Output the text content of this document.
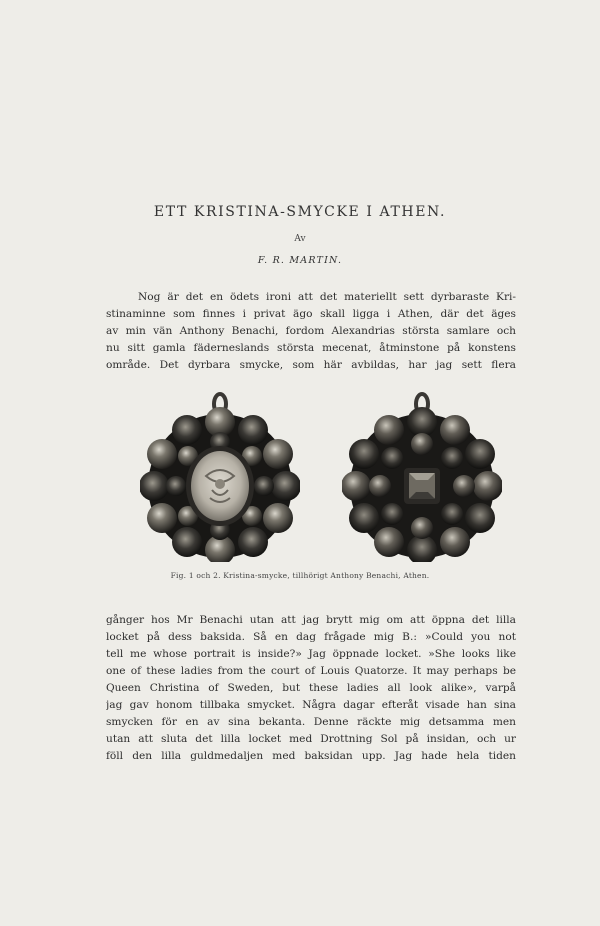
ETT KRISTINA-SMYCKE I ATHEN.
Av
F. R. MARTIN.
Nog är det en ödets ironi att det materiellt sett dyrbaraste Kri-
stinaminne som finnes i privat ägo skall ligga i Athen, där det äges
av min vän Anthony Benachi, fordom Alexandrias största samlare och
nu sitt gamla fäderneslands största mecenat, åtminstone på konstens
område. Det dyrbara smycke, som här avbildas, har jag sett flera
Fig. 1 och 2. Kristina-smycke, tillhörigt Anthony Benachi, Athen.
gånger hos Mr Benachi utan att jag brytt mig om att öppna det lilla
locket på dess baksida. Så en dag frågade mig B.: »Could you not
tell me whose portrait is inside?» Jag öppnade locket. »She looks like
one of these ladies from the court of Louis Quatorze. It may perhaps be
Queen Christina of Sweden, but these ladies all look alike», varpå
jag gav honom tillbaka smycket. Några dagar efteråt visade han sina
smycken för en av sina bekanta. Denne räckte mig detsamma men
utan att sluta det lilla locket med Drottning Sol på insidan, och ur
föll den lilla guldmedaljen med baksidan upp. Jag hade hela tiden
